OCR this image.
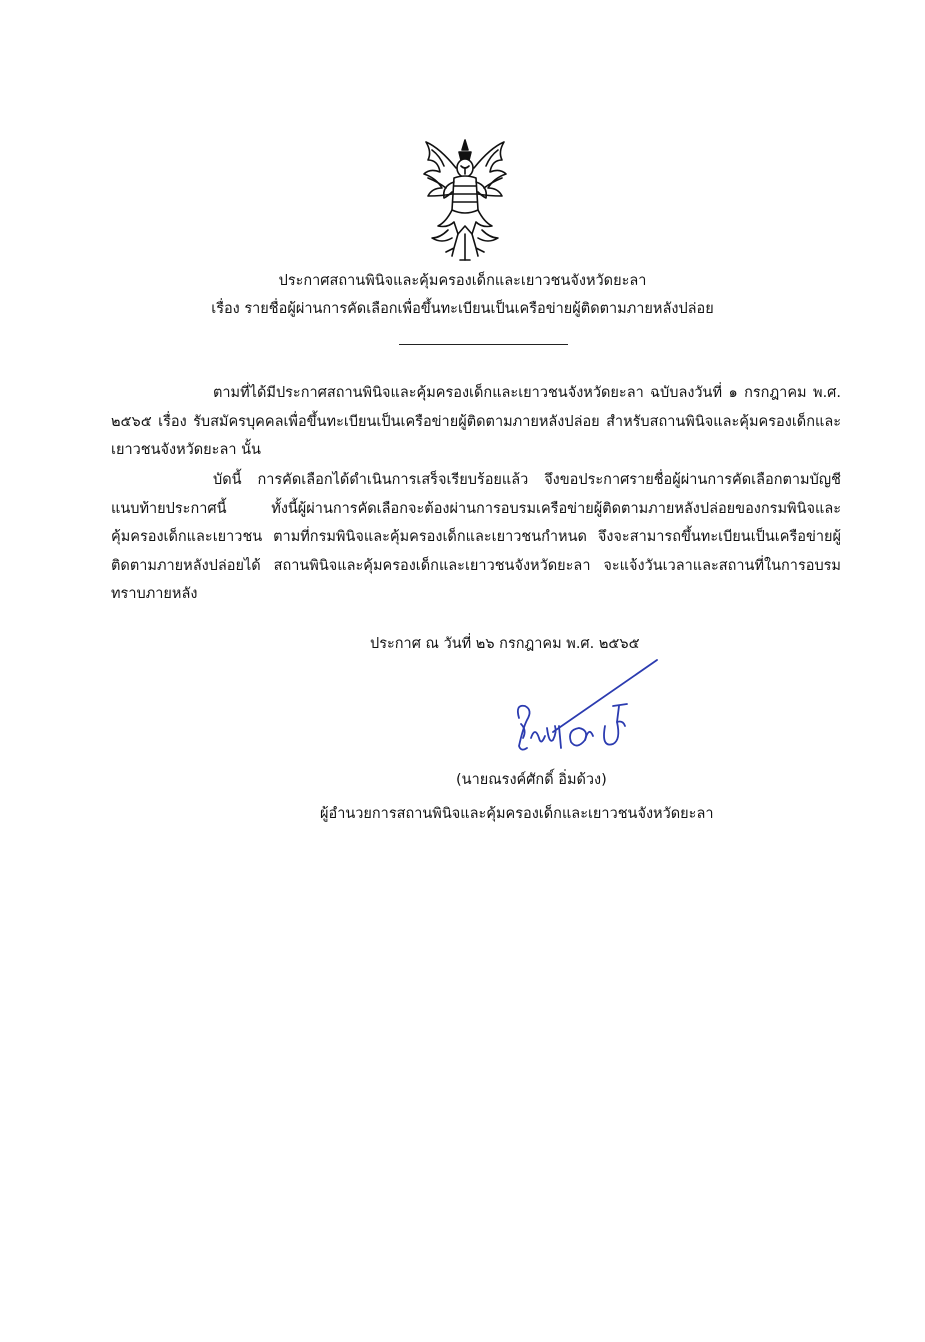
ประกาศสถานพินิจและคุ้มครองเด็กและเยาวชนจังหวัดยะลา
เรื่อง รายชื่อผู้ผ่านการคัดเลือกเพื่อขึ้นทะเบียนเป็นเครือข่ายผู้ติดตามภายหลังปล่อย
ตามที่ได้มีประกาศสถานพินิจและคุ้มครองเด็กและเยาวชนจังหวัดยะลา ฉบับลงวันที่ ๑ กรกฎาคม พ.ศ. ๒๕๖๕ เรื่อง รับสมัครบุคคลเพื่อขึ้นทะเบียนเป็นเครือข่ายผู้ติดตามภายหลังปล่อย สำหรับสถานพินิจและคุ้มครองเด็กและเยาวชนจังหวัดยะลา นั้น
บัดนี้ การคัดเลือกได้ดำเนินการเสร็จเรียบร้อยแล้ว จึงขอประกาศรายชื่อผู้ผ่านการคัดเลือกตามบัญชีแนบท้ายประกาศนี้ ทั้งนี้ผู้ผ่านการคัดเลือกจะต้องผ่านการอบรมเครือข่ายผู้ติดตามภายหลังปล่อยของกรมพินิจและคุ้มครองเด็กและเยาวชน ตามที่กรมพินิจและคุ้มครองเด็กและเยาวชนกำหนด จึงจะสามารถขึ้นทะเบียนเป็นเครือข่ายผู้ติดตามภายหลังปล่อยได้ สถานพินิจและคุ้มครองเด็กและเยาวชนจังหวัดยะลา จะแจ้งวันเวลาและสถานที่ในการอบรมทราบภายหลัง
ประกาศ ณ วันที่ ๒๖ กรกฎาคม พ.ศ. ๒๕๖๕
(นายณรงค์ศักดิ์ อิ่มด้วง)
ผู้อำนวยการสถานพินิจและคุ้มครองเด็กและเยาวชนจังหวัดยะลา
